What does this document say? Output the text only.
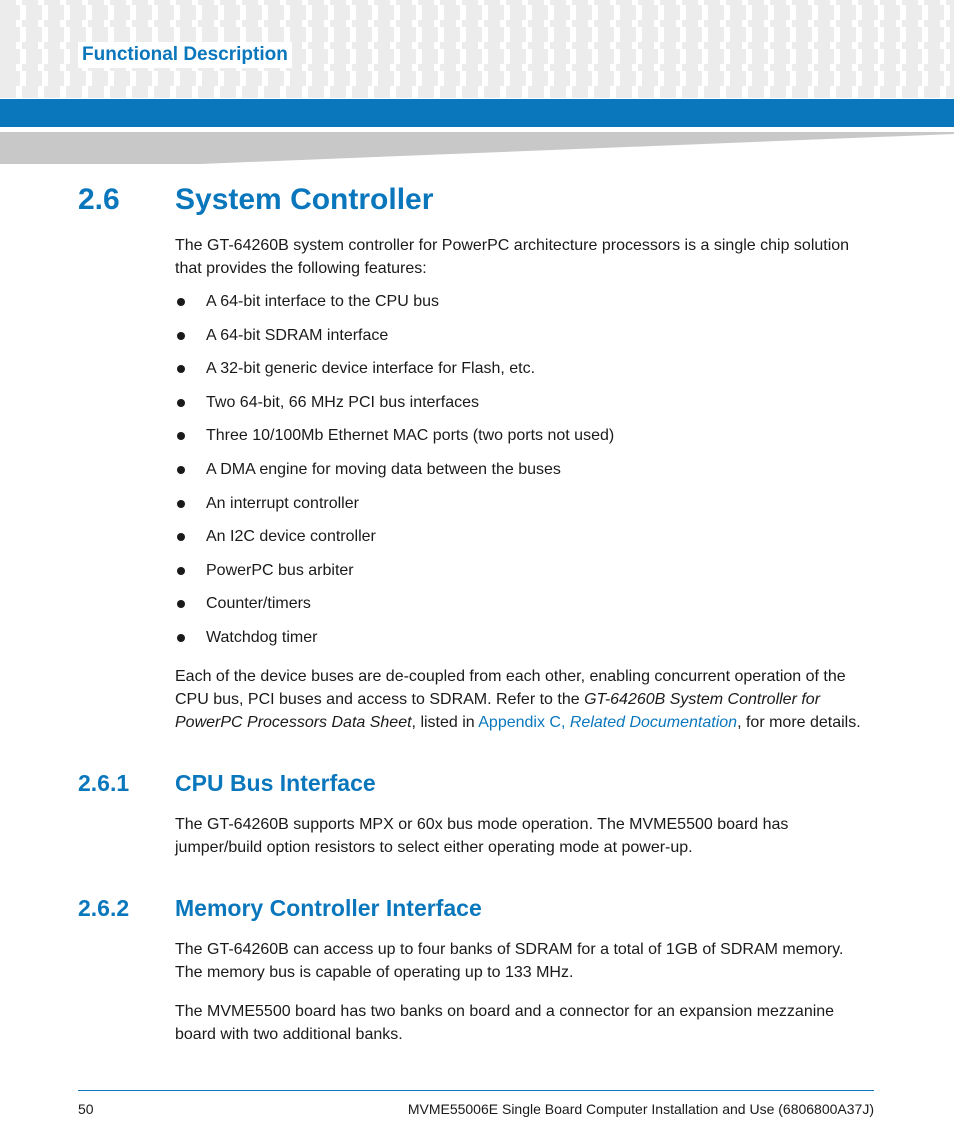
Functional Description
2.6 System Controller

The GT-64260B system controller for PowerPC architecture processors is a single chip solution that provides the following features:

A 64-bit interface to the CPU bus
A 64-bit SDRAM interface
A 32-bit generic device interface for Flash, etc.
Two 64-bit, 66 MHz PCI bus interfaces
Three 10/100Mb Ethernet MAC ports (two ports not used)
A DMA engine for moving data between the buses
An interrupt controller
An I2C device controller
PowerPC bus arbiter
Counter/timers
Watchdog timer

Each of the device buses are de-coupled from each other, enabling concurrent operation of the CPU bus, PCI buses and access to SDRAM. Refer to the GT-64260B System Controller for PowerPC Processors Data Sheet, listed in Appendix C, Related Documentation, for more details.

2.6.1 CPU Bus Interface

The GT-64260B supports MPX or 60x bus mode operation. The MVME5500 board has jumper/build option resistors to select either operating mode at power-up.

2.6.2 Memory Controller Interface

The GT-64260B can access up to four banks of SDRAM for a total of 1GB of SDRAM memory. The memory bus is capable of operating up to 133 MHz.

The MVME5500 board has two banks on board and a connector for an expansion mezzanine board with two additional banks.

50	MVME55006E Single Board Computer Installation and Use (6806800A37J)
